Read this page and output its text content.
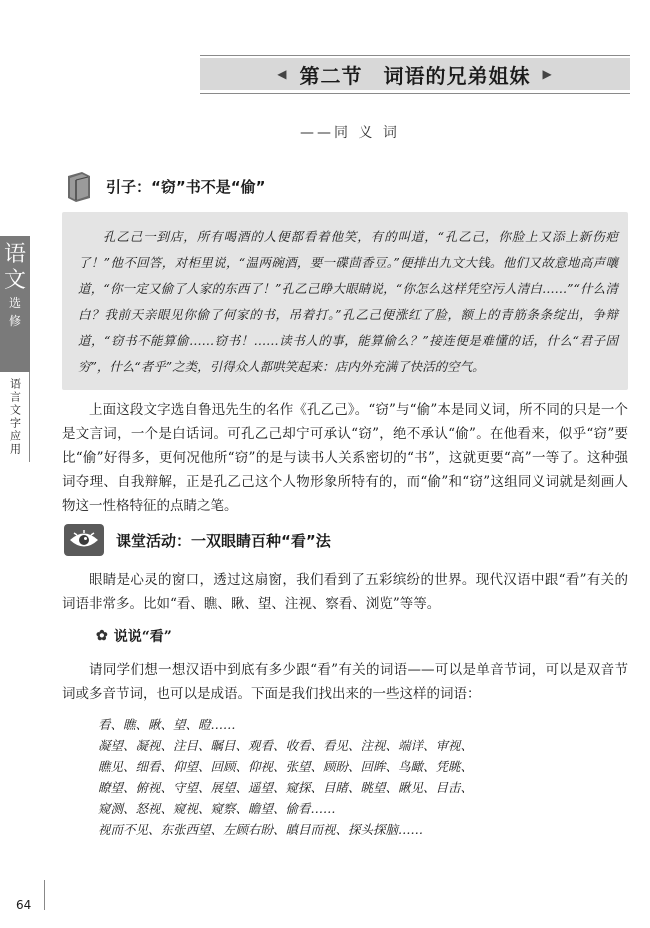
◀ 第二节　词语的兄弟姐妹 ▶
——同 义 词
语
文
选
修
语言文字应用
引子：“窃”书不是“偷”
孔乙己一到店，所有喝酒的人便都看着他笑，有的叫道，“孔乙己，你脸上又添上新伤疤了！”他不回答，对柜里说，“温两碗酒，要一碟茴香豆。”便排出九文大钱。他们又故意地高声嚷道，“你一定又偷了人家的东西了！”孔乙己睁大眼睛说，“你怎么这样凭空污人清白……”“什么清白？我前天亲眼见你偷了何家的书，吊着打。”孔乙己便涨红了脸，额上的青筋条条绽出，争辩道，“窃书不能算偷……窃书！……读书人的事，能算偷么？”接连便是难懂的话，什么“君子固穷”，什么“者乎”之类，引得众人都哄笑起来：店内外充满了快活的空气。
上面这段文字选自鲁迅先生的名作《孔乙己》。“窃”与“偷”本是同义词，所不同的只是一个是文言词，一个是白话词。可孔乙己却宁可承认“窃”，绝不承认“偷”。在他看来，似乎“窃”要比“偷”好得多，更何况他所“窃”的是与读书人关系密切的“书”，这就更要“高”一等了。这种强词夺理、自我辩解，正是孔乙己这个人物形象所特有的，而“偷”和“窃”这组同义词就是刻画人物这一性格特征的点睛之笔。
课堂活动：一双眼睛百种“看”法
眼睛是心灵的窗口，透过这扇窗，我们看到了五彩缤纷的世界。现代汉语中跟“看”有关的词语非常多。比如“看、瞧、瞅、望、注视、察看、浏览”等等。
✿ 说说“看”
请同学们想一想汉语中到底有多少跟“看”有关的词语——可以是单音节词，可以是双音节词或多音节词，也可以是成语。下面是我们找出来的一些这样的词语：
看、瞧、瞅、望、瞪……
凝望、凝视、注目、瞩目、观看、收看、看见、注视、端详、审视、
瞧见、细看、仰望、回顾、仰视、张望、顾盼、回眸、鸟瞰、凭眺、
瞭望、俯视、守望、展望、遥望、窥探、目睹、眺望、瞅见、目击、
窥测、怒视、窥视、窥察、瞻望、偷看……
视而不见、东张西望、左顾右盼、瞋目而视、探头探脑……
64
